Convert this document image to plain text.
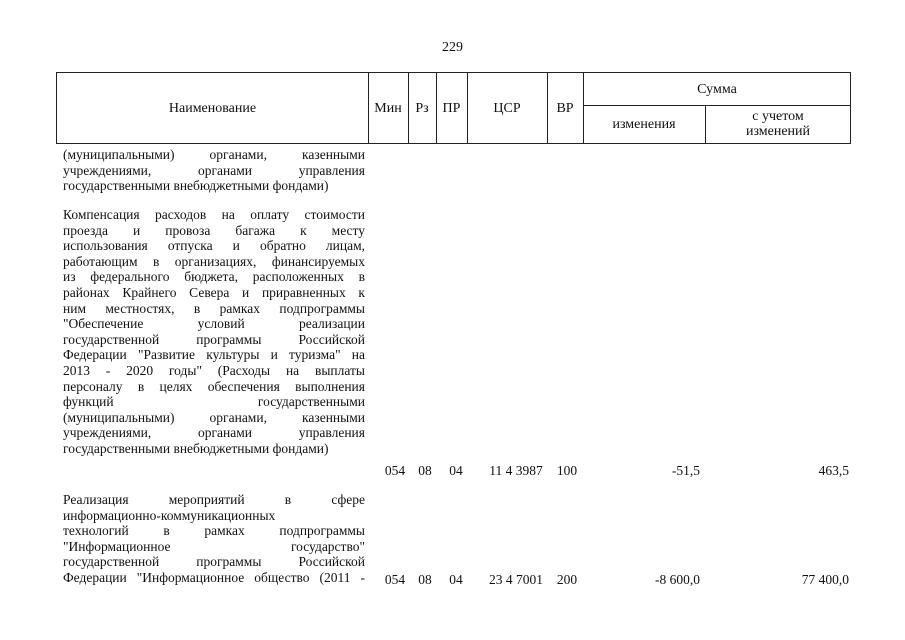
229
Наименование	Мин Рз ПР	ЦСР	ВР
Сумма
изменения	с учетом
изменений
(муниципальными) органами, казенными
учреждениями, органами управления
государственными внебюджетными фондами)
Компенсация расходов на оплату стоимости
проезда и провоза багажа к месту
использования отпуска и обратно лицам,
работающим в организациях, финансируемых
из федерального бюджета, расположенных в
районах Крайнего Севера и приравненных к
ним местностях, в рамках подпрограммы
"Обеспечение условий реализации
государственной программы Российской
Федерации "Развитие культуры и туризма" на
2013 - 2020 годы" (Расходы на выплаты
персоналу в целях обеспечения выполнения
функций государственными
(муниципальными) органами, казенными
учреждениями, органами управления
государственными внебюджетными фондами)
054 08 04 11 4 3987 100	-51,5	463,5
Реализация мероприятий в сфере
информационно-коммуникационных
технологий в рамках подпрограммы
"Информационное государство"
государственной программы Российской
Федерации "Информационное общество (2011 - 054 08 04 23 4 7001 200	-8 600,0	77 400,0
